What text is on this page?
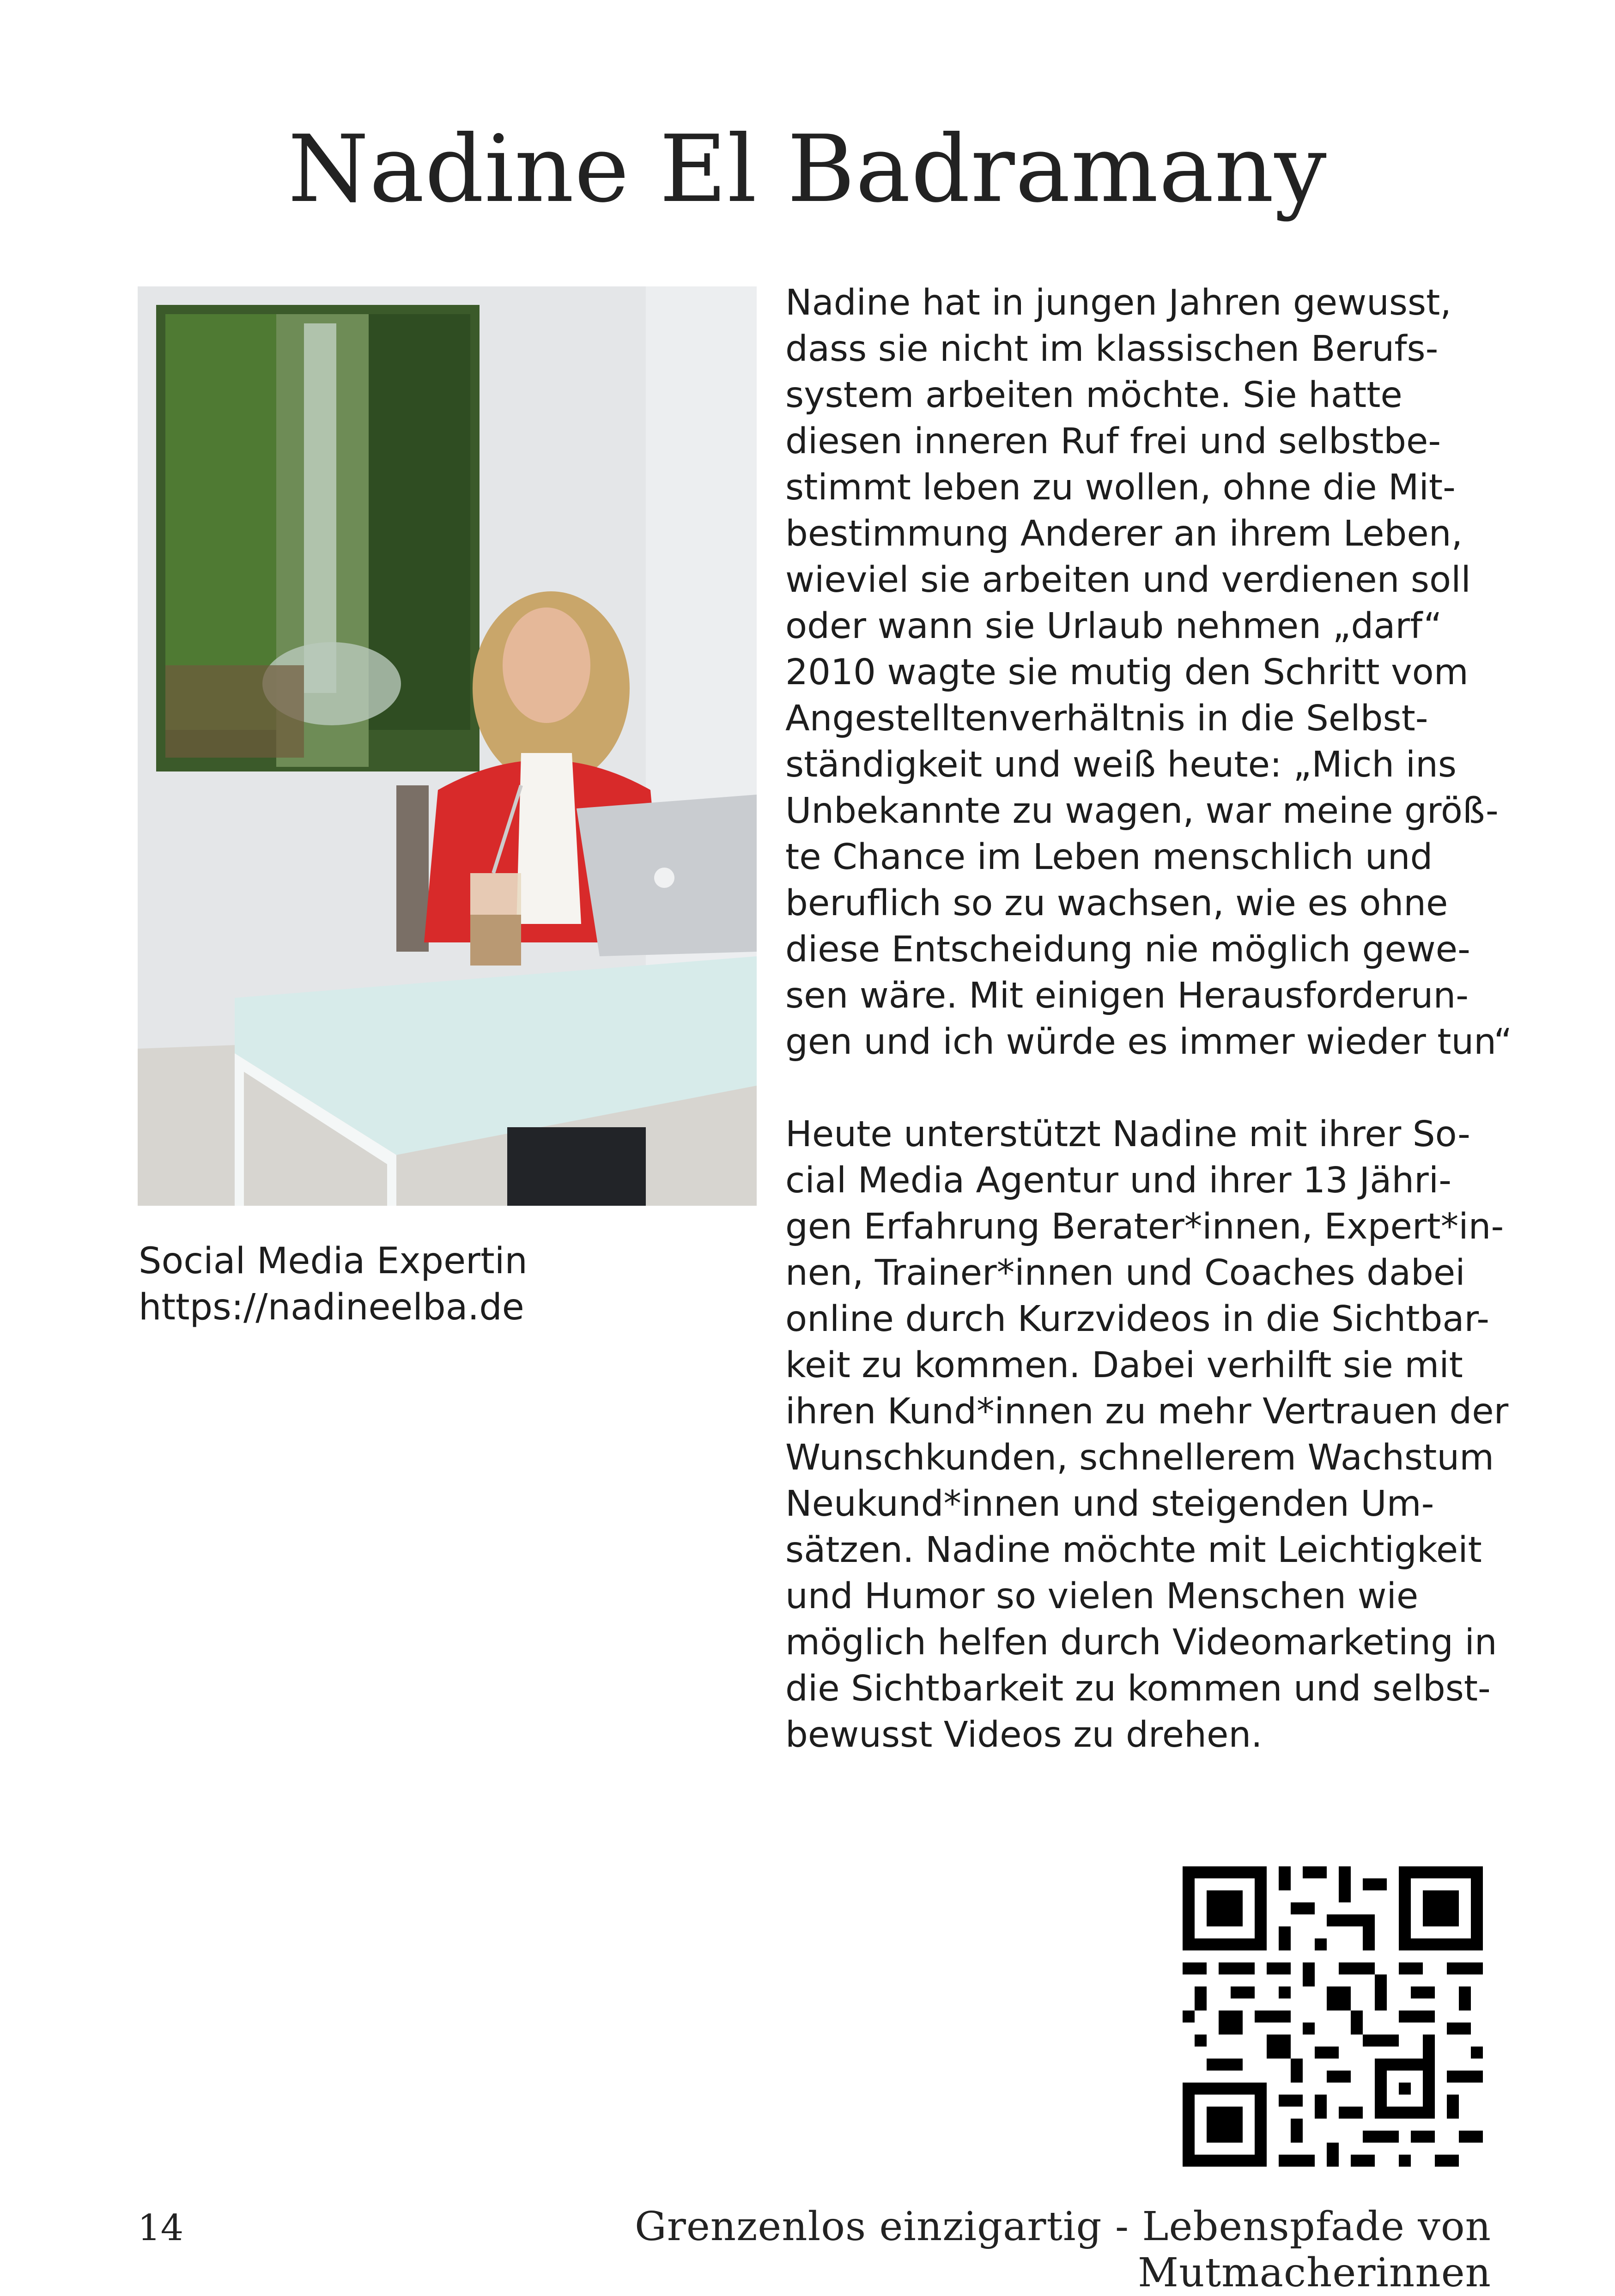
Nadine El Badramany
Social Media Expertin
https://nadineelba.de
Nadine hat in jungen Jahren gewusst,
dass sie nicht im klassischen Berufs-
system arbeiten möchte. Sie hatte
diesen inneren Ruf frei und selbstbe-
stimmt leben zu wollen, ohne die Mit-
bestimmung Anderer an ihrem Leben,
wieviel sie arbeiten und verdienen soll
oder wann sie Urlaub nehmen „darf“
2010 wagte sie mutig den Schritt vom
Angestelltenverhältnis in die Selbst-
ständigkeit und weiß heute: „Mich ins
Unbekannte zu wagen, war meine größ-
te Chance im Leben menschlich und
beruflich so zu wachsen, wie es ohne
diese Entscheidung nie möglich gewe-
sen wäre. Mit einigen Herausforderun-
gen und ich würde es immer wieder tun“
Heute unterstützt Nadine mit ihrer So-
cial Media Agentur und ihrer 13 Jähri-
gen Erfahrung Berater*innen, Expert*in-
nen, Trainer*innen und Coaches dabei
online durch Kurzvideos in die Sichtbar-
keit zu kommen. Dabei verhilft sie mit
ihren Kund*innen zu mehr Vertrauen der
Wunschkunden, schnellerem Wachstum
Neukund*innen und steigenden Um-
sätzen. Nadine möchte mit Leichtigkeit
und Humor so vielen Menschen wie
möglich helfen durch Videomarketing in
die Sichtbarkeit zu kommen und selbst-
bewusst Videos zu drehen.
14	Grenzenlos einzigartig - Lebenspfade von Mutmacherinnen
